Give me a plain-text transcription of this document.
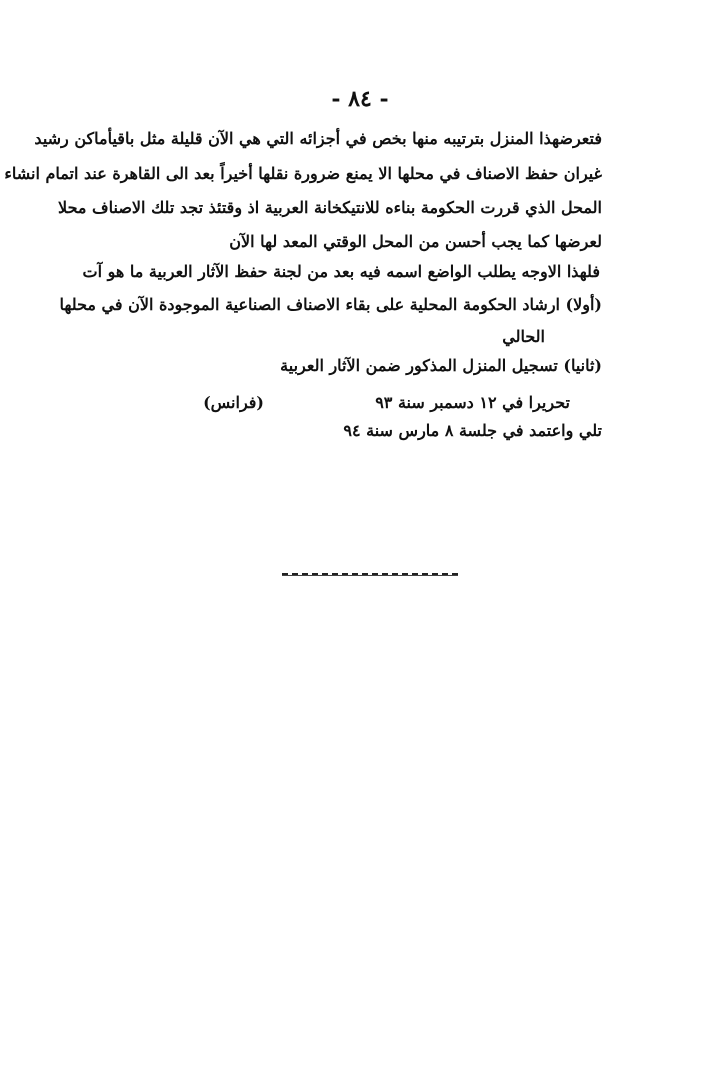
- ٨٤ -
فتعرضهذا المنزل بترتيبه منها بخص في أجزائه التي هي الآن قليلة مثل باقيأماكن رشيد
غيران حفظ الاصناف في محلها الا يمنع ضرورة نقلها أخيراً بعد الى القاهرة عند اتمام انشاء
المحل الذي قررت الحكومة بناءه للانتيكخانة العربية اذ وقتئذ تجد تلك الاصناف محلا
لعرضها كما يجب أحسن من المحل الوقتي المعد لها الآن
فلهذا الاوجه يطلب الواضع اسمه فيه بعد من لجنة حفظ الآثار العربية ما هو آت
(أولا) ارشاد الحكومة المحلية على بقاء الاصناف الصناعية الموجودة الآن في محلها
الحالي
(ثانيا) تسجيل المنزل المذكور ضمن الآثار العربية
تحريرا في ١٢ دسمبر سنة ٩٣
(فرانس)
تلي واعتمد في جلسة ٨ مارس سنة ٩٤
